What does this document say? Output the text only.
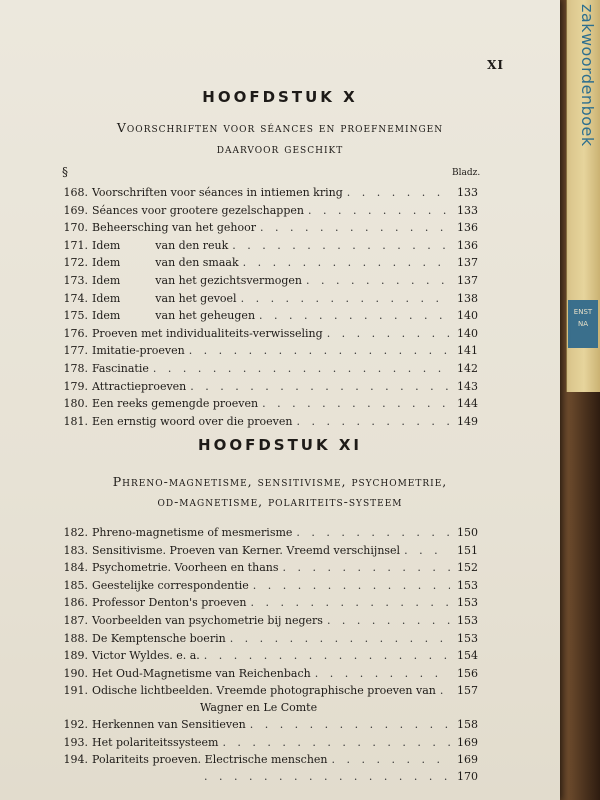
zakwoordenboek
ENST NA
XI
HOOFDSTUK X
Voorschriften voor séances en proefnemingen
daarvoor geschikt
§	Bladz.
168. Voorschriften voor séances in intiemen kring . . .	133
169. Séances voor grootere gezelschappen . . .	133
170. Beheersching van het gehoor . . .	136
171. Idem          van den reuk . . .	136
172. Idem          van den smaak . . .	137
173. Idem          van het gezichtsvermogen . . .	137
174. Idem          van het gevoel . . .	138
175. Idem          van het geheugen . . .	140
176. Proeven met individualiteits-verwisseling . . .	140
177. Imitatie-proeven . . .	141
178. Fascinatie . . .	142
179. Attractieproeven . . .	143
180. Een reeks gemengde proeven . . .	144
181. Een ernstig woord over die proeven . . .	149
HOOFDSTUK XI
Phreno-magnetisme, sensitivisme, psychometrie,
od-magnetisme, polariteits-systeem
182. Phreno-magnetisme of mesmerisme . . .	150
183. Sensitivisme. Proeven van Kerner. Vreemd verschijnsel . . .	151
184. Psychometrie. Voorheen en thans . . .	152
185. Geestelijke correspondentie . . .	153
186. Professor Denton's proeven . . .	153
187. Voorbeelden van psychometrie bij negers . . .	153
188. De Kemptensche boerin . . .	153
189. Victor Wyldes. e. a. . . .	154
190. Het Oud-Magnetisme van Reichenbach . . .	156
191. Odische lichtbeelden. Vreemde photographische proeven van . . .	157
Wagner en Le Comte
192. Herkennen van Sensitieven . . .	158
193. Het polariteitssysteem . . .	169
194. Polariteits proeven. Electrische menschen . . .	169
. . .
170
